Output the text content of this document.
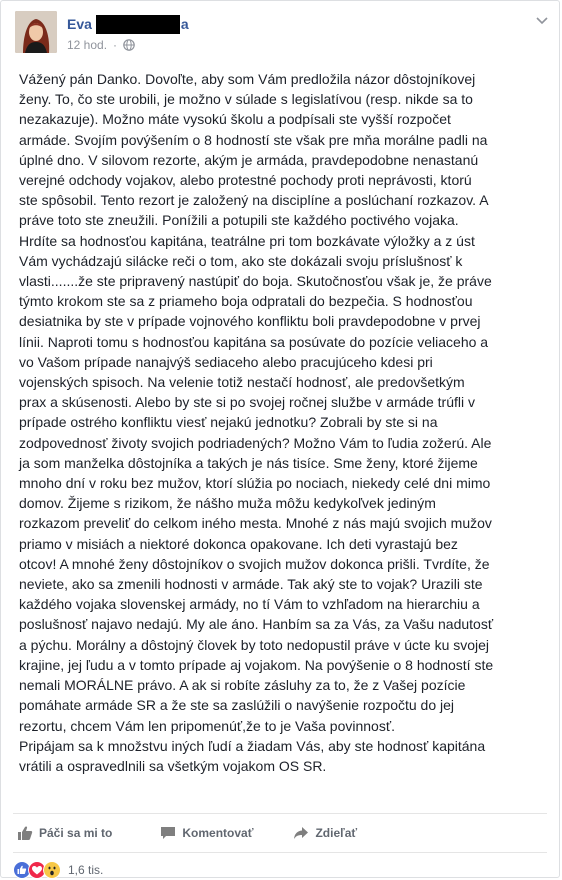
Eva	a
12 hod. ·
Vážený pán Danko. Dovoľte, aby som Vám predložila názor dôstojníkovej
ženy. To, čo ste urobili, je možno v súlade s legislatívou (resp. nikde sa to
nezakazuje). Možno máte vysokú školu a podpísali ste vyšší rozpočet
armáde. Svojím povýšením o 8 hodností ste však pre mňa morálne padli na
úplné dno. V silovom rezorte, akým je armáda, pravdepodobne nenastanú
verejné odchody vojakov, alebo protestné pochody proti neprávosti, ktorú
ste spôsobil. Tento rezort je založený na disciplíne a poslúchaní rozkazov. A
práve toto ste zneužili. Ponížili a potupili ste každého poctivého vojaka.
Hrdíte sa hodnosťou kapitána, teatrálne pri tom bozkávate výložky a z úst
Vám vychádzajú silácke reči o tom, ako ste dokázali svoju príslušnosť k
vlasti.......že ste pripravený nastúpiť do boja. Skutočnosťou však je, že práve
týmto krokom ste sa z priameho boja odpratali do bezpečia. S hodnosťou
desiatnika by ste v prípade vojnového konfliktu boli pravdepodobne v prvej
línii. Naproti tomu s hodnosťou kapitána sa posúvate do pozície veliaceho a
vo Vašom prípade nanajvýš sediaceho alebo pracujúceho kdesi pri
vojenských spisoch. Na velenie totiž nestačí hodnosť, ale predovšetkým
prax a skúsenosti. Alebo by ste si po svojej ročnej službe v armáde trúfli v
prípade ostrého konfliktu viesť nejakú jednotku? Zobrali by ste si na
zodpovednosť životy svojich podriadených? Možno Vám to ľudia zožerú. Ale
ja som manželka dôstojníka a takých je nás tisíce. Sme ženy, ktoré žijeme
mnoho dní v roku bez mužov, ktorí slúžia po nociach, niekedy celé dni mimo
domov. Žijeme s rizikom, že nášho muža môžu kedykoľvek jediným
rozkazom preveliť do celkom iného mesta. Mnohé z nás majú svojich mužov
priamo v misiách a niektoré dokonca opakovane. Ich deti vyrastajú bez
otcov! A mnohé ženy dôstojníkov o svojich mužov dokonca prišli. Tvrdíte, že
neviete, ako sa zmenili hodnosti v armáde. Tak aký ste to vojak? Urazili ste
každého vojaka slovenskej armády, no tí Vám to vzhľadom na hierarchiu a
poslušnosť najavo nedajú. My ale áno. Hanbím sa za Vás, za Vašu nadutosť
a pýchu. Morálny a dôstojný človek by toto nedopustil práve v úcte ku svojej
krajine, jej ľudu a v tomto prípade aj vojakom. Na povýšenie o 8 hodností ste
nemali MORÁLNE právo. A ak si robíte zásluhy za to, že z Vašej pozície
pomáhate armáde SR a že ste sa zaslúžili o navýšenie rozpočtu do jej
rezortu, chcem Vám len pripomenúť,že to je Vaša povinnosť.
Pripájam sa k množstvu iných ľudí a žiadam Vás, aby ste hodnosť kapitána
vrátili a ospravedlnili sa všetkým vojakom OS SR.
Páči sa mi to	Komentovať	Zdieľať
1,6 tis.
